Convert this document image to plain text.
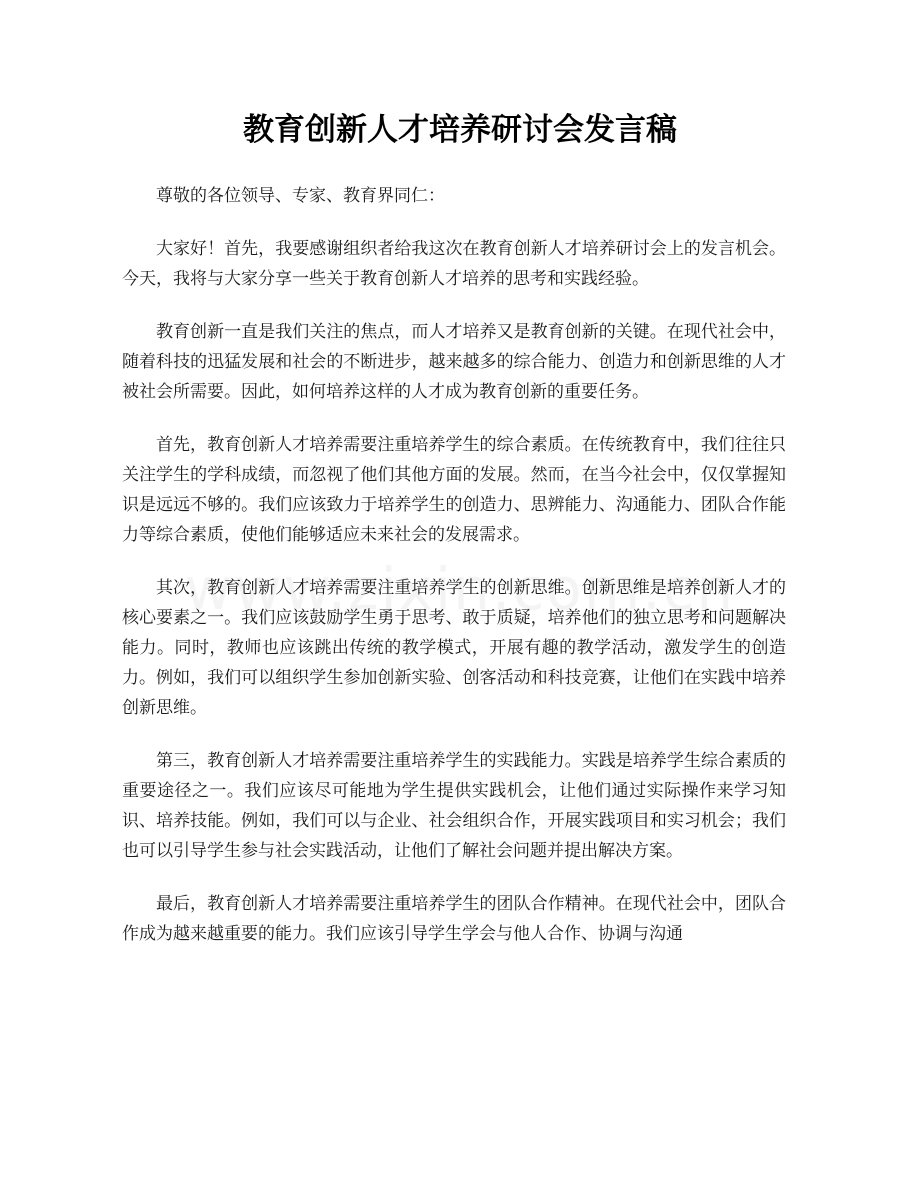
教育创新人才培养研讨会发言稿

尊敬的各位领导、专家、教育界同仁：

大家好！首先，我要感谢组织者给我这次在教育创新人才培养研讨会上的发言机会。今天，我将与大家分享一些关于教育创新人才培养的思考和实践经验。

教育创新一直是我们关注的焦点，而人才培养又是教育创新的关键。在现代社会中，随着科技的迅猛发展和社会的不断进步，越来越多的综合能力、创造力和创新思维的人才被社会所需要。因此，如何培养这样的人才成为教育创新的重要任务。

首先，教育创新人才培养需要注重培养学生的综合素质。在传统教育中，我们往往只关注学生的学科成绩，而忽视了他们其他方面的发展。然而，在当今社会中，仅仅掌握知识是远远不够的。我们应该致力于培养学生的创造力、思辨能力、沟通能力、团队合作能力等综合素质，使他们能够适应未来社会的发展需求。

其次，教育创新人才培养需要注重培养学生的创新思维。创新思维是培养创新人才的核心要素之一。我们应该鼓励学生勇于思考、敢于质疑，培养他们的独立思考和问题解决能力。同时，教师也应该跳出传统的教学模式，开展有趣的教学活动，激发学生的创造力。例如，我们可以组织学生参加创新实验、创客活动和科技竞赛，让他们在实践中培养创新思维。

第三，教育创新人才培养需要注重培养学生的实践能力。实践是培养学生综合素质的重要途径之一。我们应该尽可能地为学生提供实践机会，让他们通过实际操作来学习知识、培养技能。例如，我们可以与企业、社会组织合作，开展实践项目和实习机会；我们也可以引导学生参与社会实践活动，让他们了解社会问题并提出解决方案。

最后，教育创新人才培养需要注重培养学生的团队合作精神。在现代社会中，团队合作成为越来越重要的能力。我们应该引导学生学会与他人合作、协调与沟通
